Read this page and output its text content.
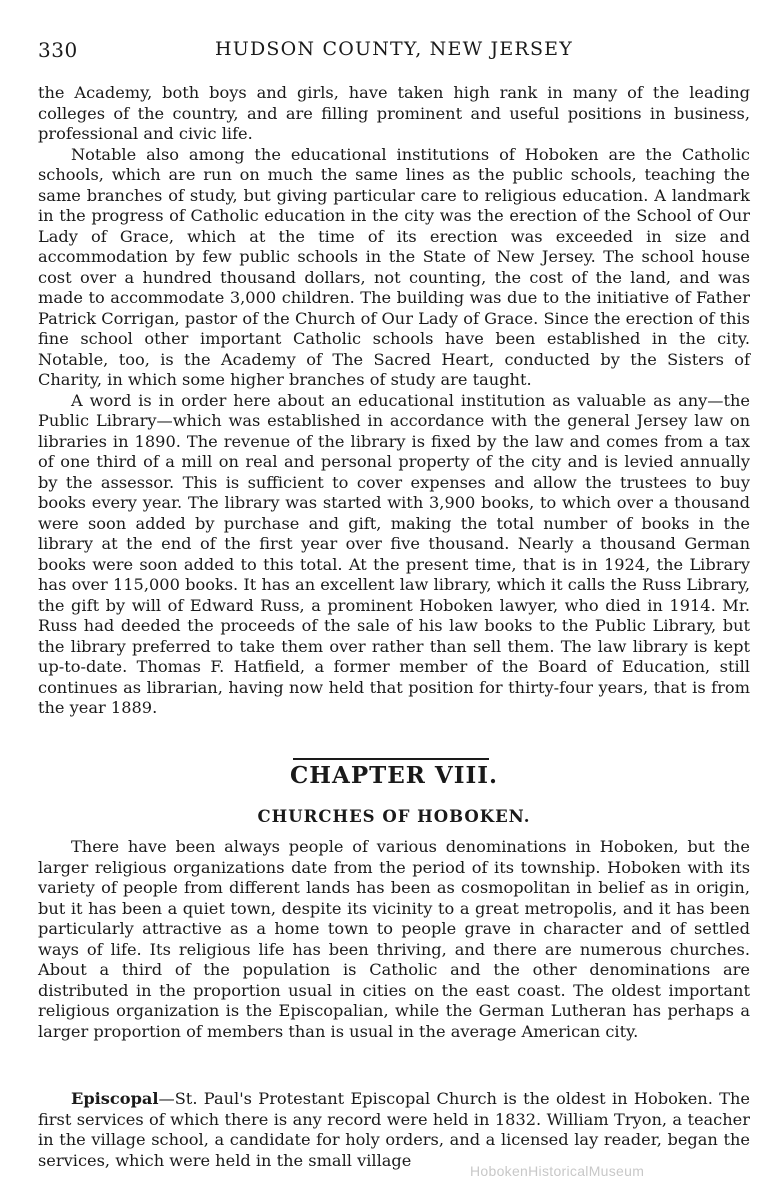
330	HUDSON COUNTY, NEW JERSEY

the Academy, both boys and girls, have taken high rank in many of the leading colleges of the country, and are filling prominent and useful positions in business, professional and civic life.

Notable also among the educational institutions of Hoboken are the Catholic schools, which are run on much the same lines as the public schools, teaching the same branches of study, but giving particular care to religious education. A landmark in the progress of Catholic education in the city was the erection of the School of Our Lady of Grace, which at the time of its erection was exceeded in size and accommodation by few public schools in the State of New Jersey. The school house cost over a hundred thousand dollars, not counting, the cost of the land, and was made to accommodate 3,000 children. The building was due to the initiative of Father Patrick Corrigan, pastor of the Church of Our Lady of Grace. Since the erection of this fine school other important Catholic schools have been established in the city. Notable, too, is the Academy of The Sacred Heart, conducted by the Sisters of Charity, in which some higher branches of study are taught.

A word is in order here about an educational institution as valuable as any—the Public Library—which was established in accordance with the general Jersey law on libraries in 1890. The revenue of the library is fixed by the law and comes from a tax of one third of a mill on real and personal property of the city and is levied annually by the assessor. This is sufficient to cover expenses and allow the trustees to buy books every year. The library was started with 3,900 books, to which over a thousand were soon added by purchase and gift, making the total number of books in the library at the end of the first year over five thousand. Nearly a thousand German books were soon added to this total. At the present time, that is in 1924, the Library has over 115,000 books. It has an excellent law library, which it calls the Russ Library, the gift by will of Edward Russ, a prominent Hoboken lawyer, who died in 1914. Mr. Russ had deeded the proceeds of the sale of his law books to the Public Library, but the library preferred to take them over rather than sell them. The law library is kept up-to-date. Thomas F. Hatfield, a former member of the Board of Education, still continues as librarian, having now held that position for thirty-four years, that is from the year 1889.

CHAPTER VIII.
CHURCHES OF HOBOKEN.

There have been always people of various denominations in Hoboken, but the larger religious organizations date from the period of its township. Hoboken with its variety of people from different lands has been as cosmopolitan in belief as in origin, but it has been a quiet town, despite its vicinity to a great metropolis, and it has been particularly attractive as a home town to people grave in character and of settled ways of life. Its religious life has been thriving, and there are numerous churches. About a third of the population is Catholic and the other denominations are distributed in the proportion usual in cities on the east coast. The oldest important religious organization is the Episcopalian, while the German Lutheran has perhaps a larger proportion of members than is usual in the average American city.

Episcopal—St. Paul's Protestant Episcopal Church is the oldest in Hoboken. The first services of which there is any record were held in 1832. William Tryon, a teacher in the village school, a candidate for holy orders, and a licensed lay reader, began the services, which were held in the small village

HobokenHistoricalMuseum
